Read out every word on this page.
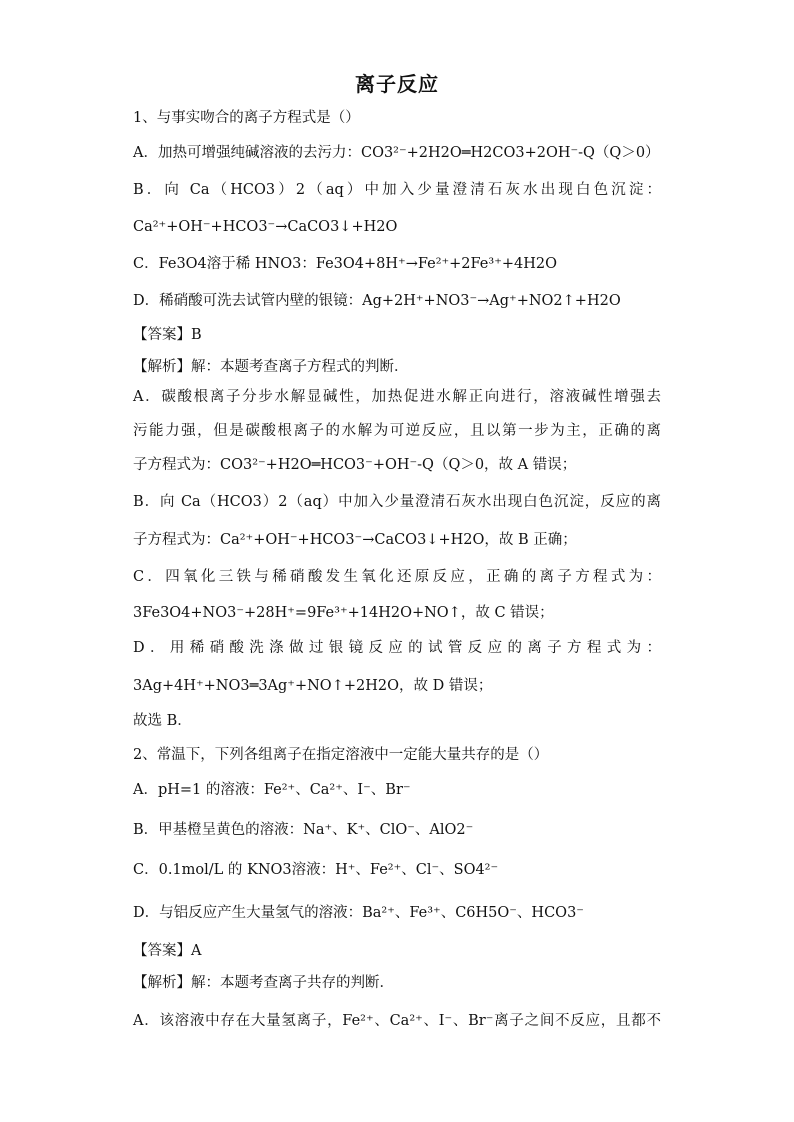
离子反应
1、与事实吻合的离子方程式是（）
A．加热可增强纯碱溶液的去污力：CO3²⁻+2H2O═H2CO3+2OH⁻-Q（Q＞0）
B．向 Ca（HCO3）2（aq）中加入少量澄清石灰水出现白色沉淀：
Ca²⁺+OH⁻+HCO3⁻→CaCO3↓+H2O
C．Fe3O4溶于稀 HNO3：Fe3O4+8H⁺→Fe²⁺+2Fe³⁺+4H2O
D．稀硝酸可洗去试管内壁的银镜：Ag+2H⁺+NO3⁻→Ag⁺+NO2↑+H2O
【答案】B
【解析】解：本题考查离子方程式的判断．
A．碳酸根离子分步水解显碱性，加热促进水解正向进行，溶液碱性增强去
污能力强，但是碳酸根离子的水解为可逆反应，且以第一步为主，正确的离
子方程式为：CO3²⁻+H2O═HCO3⁻+OH⁻-Q（Q＞0，故 A 错误；
B．向 Ca（HCO3）2（aq）中加入少量澄清石灰水出现白色沉淀，反应的离
子方程式为：Ca²⁺+OH⁻+HCO3⁻→CaCO3↓+H2O，故 B 正确；
C．四氧化三铁与稀硝酸发生氧化还原反应，正确的离子方程式为：
3Fe3O4+NO3⁻+28H⁺=9Fe³⁺+14H2O+NO↑，故 C 错误；
D．用稀硝酸洗涤做过银镜反应的试管反应的离子方程式为：
3Ag+4H⁺+NO3═3Ag⁺+NO↑+2H2O，故 D 错误；
故选 B．
2、常温下，下列各组离子在指定溶液中一定能大量共存的是（）
A．pH=1 的溶液：Fe²⁺、Ca²⁺、I⁻、Br⁻
B．甲基橙呈黄色的溶液：Na⁺、K⁺、ClO⁻、AlO2⁻
C．0.1mol/L 的 KNO3溶液：H⁺、Fe²⁺、Cl⁻、SO4²⁻
D．与铝反应产生大量氢气的溶液：Ba²⁺、Fe³⁺、C6H5O⁻、HCO3⁻
【答案】A
【解析】解：本题考查离子共存的判断．
A．该溶液中存在大量氢离子，Fe²⁺、Ca²⁺、I⁻、Br⁻离子之间不反应，且都不
